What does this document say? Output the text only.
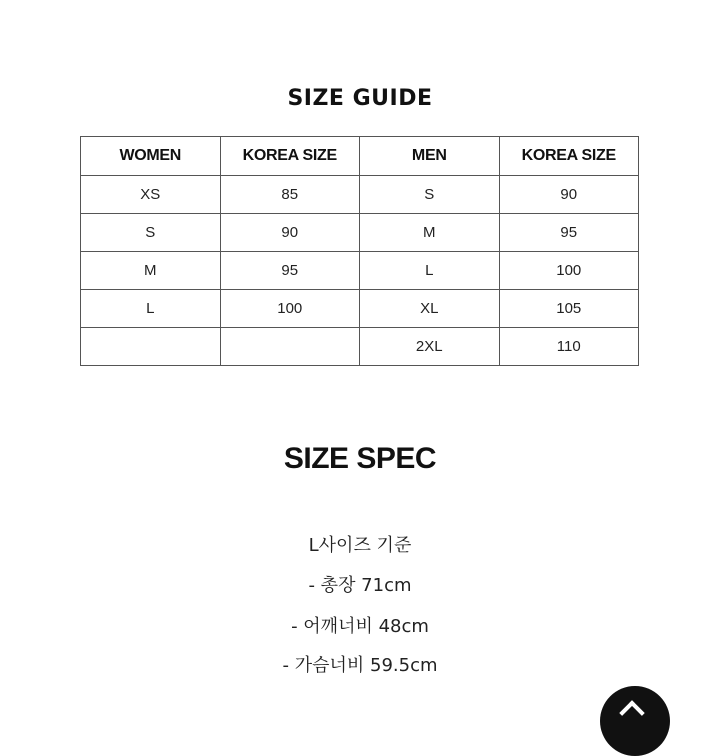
SIZE GUIDE
WOMEN	KOREA SIZE	MEN	KOREA SIZE
XS	85	S	90
S	90	M	95
M	95	L	100
L	100	XL	105
		2XL	110
SIZE SPEC
L사이즈 기준
- 총장 71cm
- 어깨너비 48cm
- 가슴너비 59.5cm
